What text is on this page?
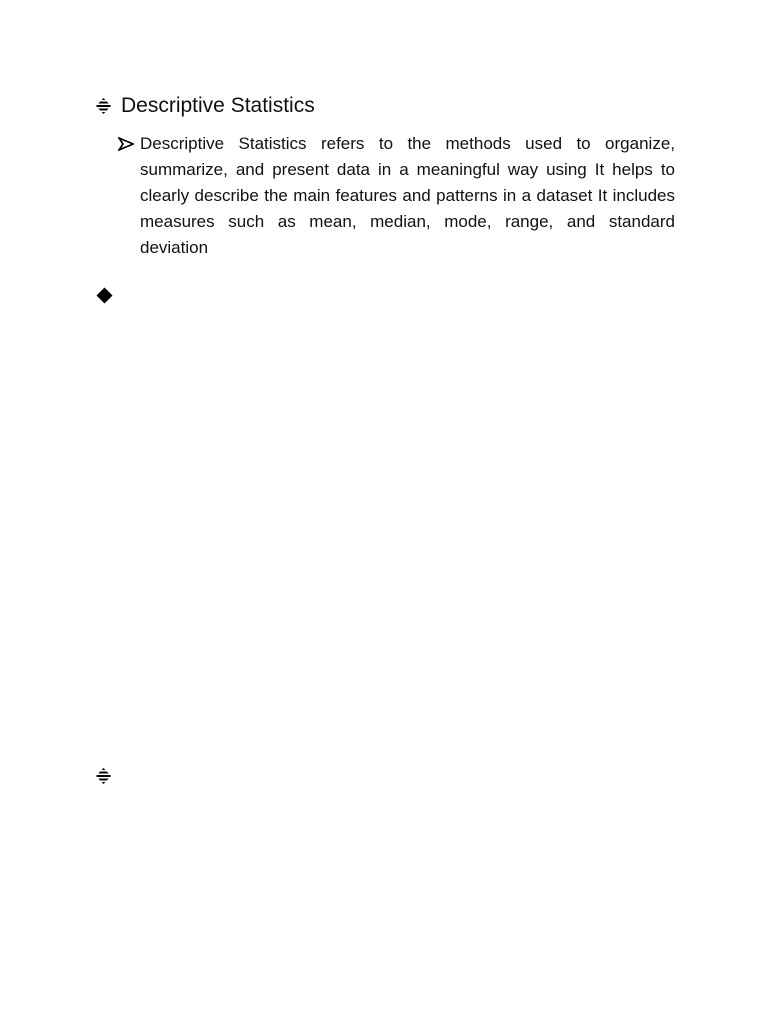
Descriptive Statistics
Descriptive Statistics refers to the methods used to organize, summarize, and present data in a meaningful way using It helps to clearly describe the main features and patterns in a dataset It includes measures such as mean, median, mode, range, and standard deviation
